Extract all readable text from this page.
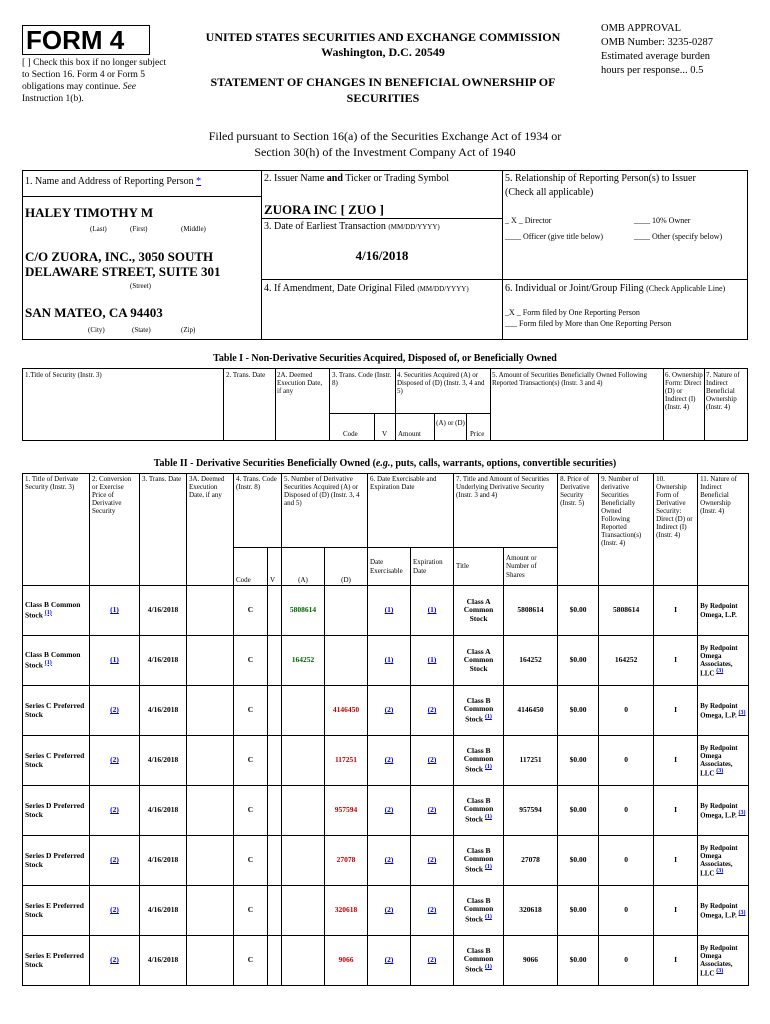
FORM 4
[ ] Check this box if no longer subject to Section 16. Form 4 or Form 5 obligations may continue. See Instruction 1(b).
UNITED STATES SECURITIES AND EXCHANGE COMMISSION
Washington, D.C. 20549
STATEMENT OF CHANGES IN BENEFICIAL OWNERSHIP OF
SECURITIES
OMB APPROVAL
OMB Number: 3235-0287
Estimated average burden
hours per response... 0.5
Filed pursuant to Section 16(a) of the Securities Exchange Act of 1934 or
Section 30(h) of the Investment Company Act of 1940
1. Name and Address of Reporting Person *
HALEY TIMOTHY M
(Last)	(First)	(Middle)
C/O ZUORA, INC., 3050 SOUTH
DELAWARE STREET, SUITE 301
(Street)
SAN MATEO, CA 94403
(City)	(State)	(Zip)
2. Issuer Name and Ticker or Trading Symbol
ZUORA INC [ ZUO ]
3. Date of Earliest Transaction (MM/DD/YYYY)
4/16/2018
4. If Amendment, Date Original Filed (MM/DD/YYYY)
5. Relationship of Reporting Person(s) to Issuer
(Check all applicable)
_ X _ Director	____ 10% Owner
____ Officer (give title below)	____ Other (specify below)
6. Individual or Joint/Group Filing (Check Applicable Line)
_X _ Form filed by One Reporting Person
___ Form filed by More than One Reporting Person
Table I - Non-Derivative Securities Acquired, Disposed of, or Beneficially Owned
1.Title of Security (Instr. 3)	2. Trans. Date	2A. Deemed Execution Date, if any
3. Trans. Code (Instr. 8)
4. Securities Acquired (A) or Disposed of (D) (Instr. 3, 4 and 5)
5. Amount of Securities Beneficially Owned Following Reported Transaction(s) (Instr. 3 and 4)
6. Ownership Form: Direct (D) or Indirect (I) (Instr. 4)
7. Nature of Indirect Beneficial Ownership (Instr. 4)
Code	V Amount
(A) or (D)
Price
Table II - Derivative Securities Beneficially Owned (e.g., puts, calls, warrants, options, convertible securities)
1. Title of Derivate Security (Instr. 3)	2. Conversion or Exercise Price of Derivative Security	3. Trans. Date	3A. Deemed Execution Date, if any	4. Trans. Code (Instr. 8)		5. Number of Derivative Securities Acquired (A) or Disposed of (D) (Instr. 3, 4 and 5)		6. Date Exercisable and Expiration Date		7. Title and Amount of Securities Underlying Derivative Security (Instr. 3 and 4)		8. Price of Derivative Security (Instr. 5)	9. Number of derivative Securities Beneficially Owned Following Reported Transaction(s) (Instr. 4)	10. Ownership Form of Derivative Security: Direct (D) or Indirect (I) (Instr. 4)	11. Nature of Indirect Beneficial Ownership (Instr. 4)
				Code	V	(A)	(D)	Date Exercisable	Expiration Date	Title	Amount or Number of Shares				
Class B Common Stock $^{(1)}$	(1)	4/16/2018		C		5808614		(1)	(1)	Class A Common Stock	5808614	$0.00	5808614	I	By Redpoint Omega, L.P.
Class B Common Stock $^{(1)}$	(1)	4/16/2018		C		164252		(1)	(1)	Class A Common Stock	164252	$0.00	164252	I	By Redpoint Omega Associates, LLC (3)
Series C Preferred Stock	(2)	4/16/2018		C			4146450	(2)	(2)	Class B Common Stock $^{(1)}$	4146450	$0.00	0	I	By Redpoint Omega, L.P. (3)
Series C Preferred Stock	(2)	4/16/2018		C			117251	(2)	(2)	Class B Common Stock $^{(1)}$	117251	$0.00	0	I	By Redpoint Omega Associates, LLC (3)
Series D Preferred Stock	(2)	4/16/2018		C			957594	(2)	(2)	Class B Common Stock $^{(1)}$	957594	$0.00	0	I	By Redpoint Omega, L.P. (3)
Series D Preferred Stock	(2)	4/16/2018		C			27078	(2)	(2)	Class B Common Stock $^{(1)}$	27078	$0.00	0	I	By Redpoint Omega Associates, LLC (3)
Series E Preferred Stock	(2)	4/16/2018		C			320618	(2)	(2)	Class B Common Stock $^{(1)}$	320618	$0.00	0	I	By Redpoint Omega, L.P. (3)
Series E Preferred Stock	(2)	4/16/2018		C			9066	(2)	(2)	Class B Common Stock $^{(1)}$	9066	$0.00	0	I	By Redpoint Omega Associates, LLC (3)
